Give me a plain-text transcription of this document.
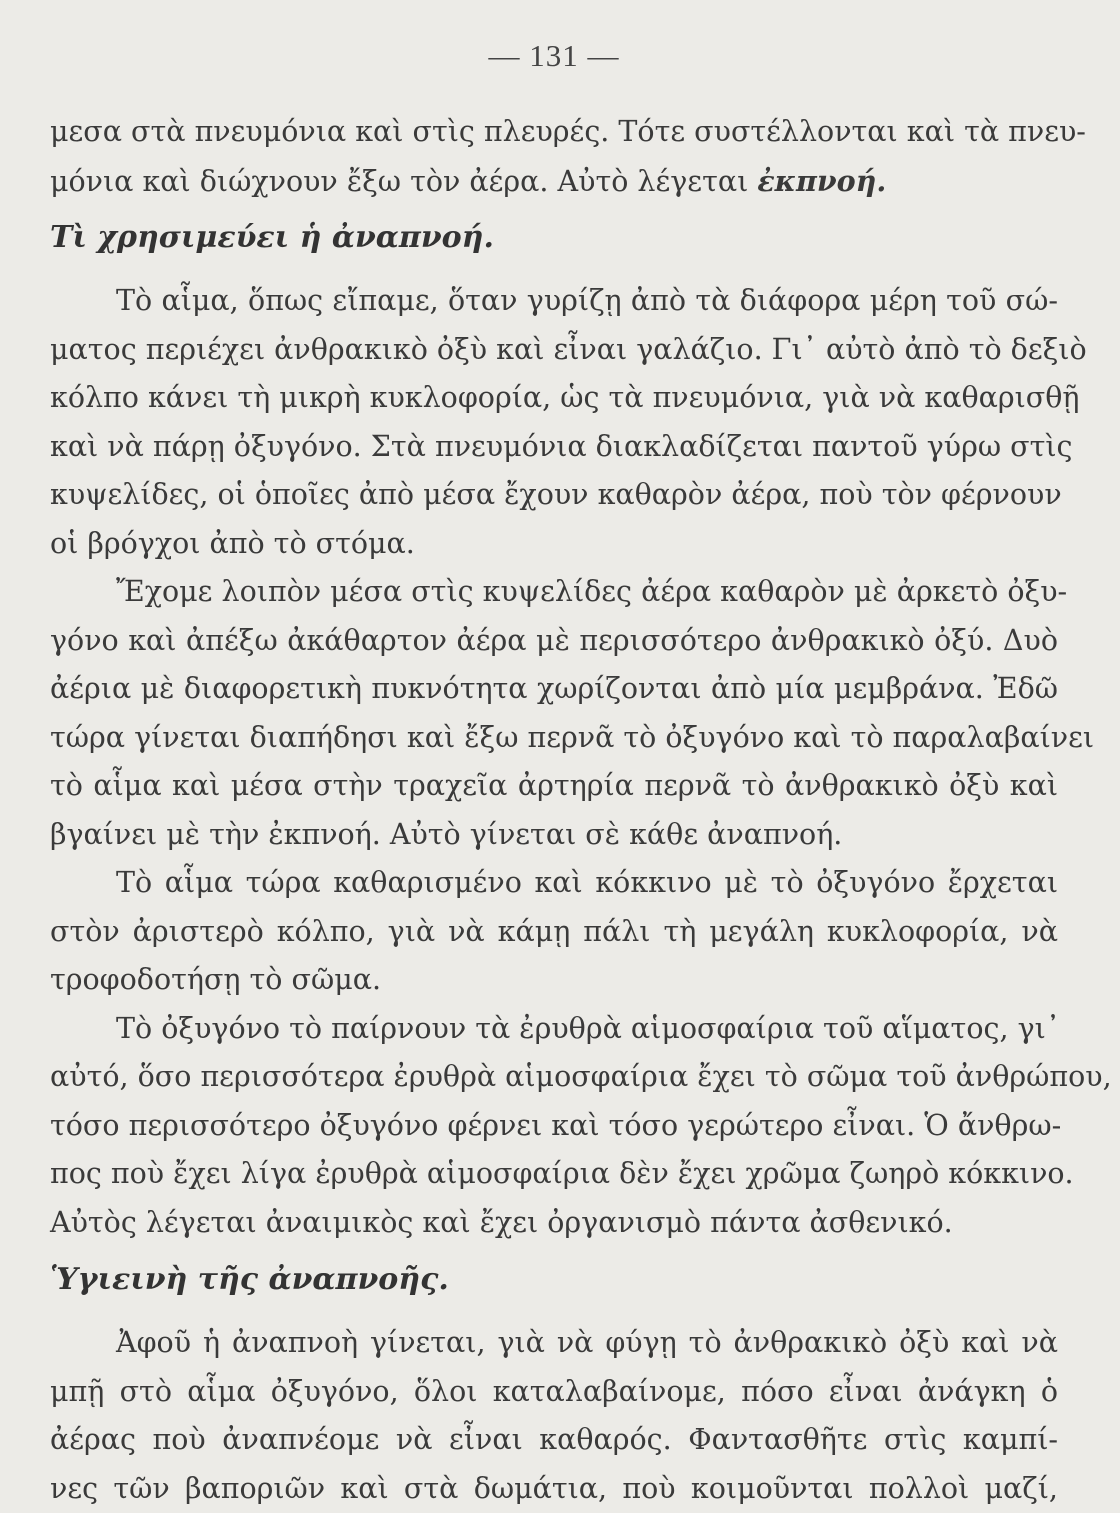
— 131 —
μεσα στὰ πνευμόνια καὶ στὶς πλευρές. Τότε συστέλλονται καὶ τὰ πνευ-
μόνια καὶ διώχνουν ἔξω τὸν ἀέρα. Αὐτὸ λέγεται ἐκπνοή.
Τὶ χρησιμεύει ἡ ἀναπνοή.
Τὸ αἷμα, ὅπως εἴπαμε, ὅταν γυρίζῃ ἀπὸ τὰ διάφορα μέρη τοῦ σώ-
ματος περιέχει ἀνθρακικὸ ὀξὺ καὶ εἶναι γαλάζιο. Γι᾿ αὐτὸ ἀπὸ τὸ δεξιὸ
κόλπο κάνει τὴ μικρὴ κυκλοφορία, ὡς τὰ πνευμόνια, γιὰ νὰ καθαρισθῇ
καὶ νὰ πάρῃ ὀξυγόνο. Στὰ πνευμόνια διακλαδίζεται παντοῦ γύρω στὶς
κυψελίδες, οἱ ὁποῖες ἀπὸ μέσα ἔχουν καθαρὸν ἀέρα, ποὺ τὸν φέρνουν
οἱ βρόγχοι ἀπὸ τὸ στόμα.
Ἔχομε λοιπὸν μέσα στὶς κυψελίδες ἀέρα καθαρὸν μὲ ἀρκετὸ ὀξυ-
γόνο καὶ ἀπέξω ἀκάθαρτον ἀέρα μὲ περισσότερο ἀνθρακικὸ ὀξύ. Δυὸ
ἀέρια μὲ διαφορετικὴ πυκνότητα χωρίζονται ἀπὸ μία μεμβράνα. Ἐδῶ
τώρα γίνεται διαπήδησι καὶ ἔξω περνᾶ τὸ ὀξυγόνο καὶ τὸ παραλαβαίνει
τὸ αἷμα καὶ μέσα στὴν τραχεῖα ἀρτηρία περνᾶ τὸ ἀνθρακικὸ ὀξὺ καὶ
βγαίνει μὲ τὴν ἐκπνοή. Αὐτὸ γίνεται σὲ κάθε ἀναπνοή.
Τὸ αἷμα τώρα καθαρισμένο καὶ κόκκινο μὲ τὸ ὀξυγόνο ἔρχεται
στὸν ἀριστερὸ κόλπο, γιὰ νὰ κάμῃ πάλι τὴ μεγάλη κυκλοφορία, νὰ
τροφοδοτήσῃ τὸ σῶμα.
Τὸ ὀξυγόνο τὸ παίρνουν τὰ ἐρυθρὰ αἱμοσφαίρια τοῦ αἵματος, γι᾿
αὐτό, ὅσο περισσότερα ἐρυθρὰ αἱμοσφαίρια ἔχει τὸ σῶμα τοῦ ἀνθρώπου,
τόσο περισσότερο ὀξυγόνο φέρνει καὶ τόσο γερώτερο εἶναι. Ὁ ἄνθρω-
πος ποὺ ἔχει λίγα ἐρυθρὰ αἱμοσφαίρια δὲν ἔχει χρῶμα ζωηρὸ κόκκινο.
Αὐτὸς λέγεται ἀναιμικὸς καὶ ἔχει ὀργανισμὸ πάντα ἀσθενικό.
Ὑγιεινὴ τῆς ἀναπνοῆς.
Ἀφοῦ ἡ ἀναπνοὴ γίνεται, γιὰ νὰ φύγῃ τὸ ἀνθρακικὸ ὀξὺ καὶ νὰ
μπῇ στὸ αἷμα ὀξυγόνο, ὅλοι καταλαβαίνομε, πόσο εἶναι ἀνάγκη ὁ
ἀέρας ποὺ ἀναπνέομε νὰ εἶναι καθαρός. Φαντασθῆτε στὶς καμπί-
νες τῶν βαποριῶν καὶ στὰ δωμάτια, ποὺ κοιμοῦνται πολλοὶ μαζί,
